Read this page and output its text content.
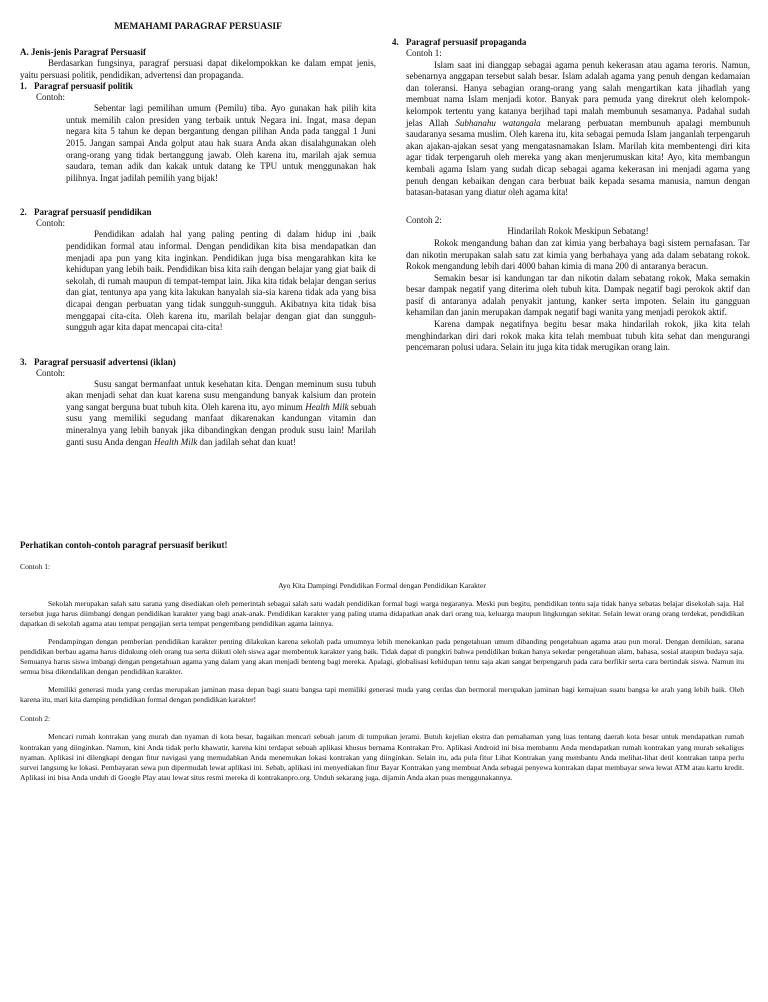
MEMAHAMI PARAGRAF PERSUASIF

A. Jenis-jenis Paragraf Persuasif

Berdasarkan fungsinya, paragraf persuasi dapat dikelompokkan ke dalam empat jenis, yaitu persuasi politik, pendidikan, advertensi dan propaganda.

1. Paragraf persuasif politik

Contoh:

Sebentar lagi pemilihan umum (Pemilu) tiba. Ayo gunakan hak pilih kita untuk memilih calon presiden yang terbaik untuk Negara ini. Ingat, masa depan negara kita 5 tahun ke depan bergantung dengan pilihan Anda pada tanggal 1 Juni 2015. Jangan sampai Anda golput atau hak suara Anda akan disalahgunakan oleh orang-orang yang tidak bertanggung jawab. Oleh karena itu, marilah ajak semua saudara, teman adik dan kakak untuk datang ke TPU untuk menggunakan hak pilihnya. Ingat jadilah pemilih yang bijak!

2. Paragraf persuasif pendidikan

Contoh:

Pendidikan adalah hal yang paling penting di dalam hidup ini ,baik pendidikan formal atau informal. Dengan pendidikan kita bisa mendapatkan dan menjadi apa pun yang kita inginkan. Pendidikan juga bisa mengarahkan kita ke kehidupan yang lebih baik. Pendidikan bisa kita raih dengan belajar yang giat baik di sekolah, di rumah maupun di tempat-tempat lain. Jika kita tidak belajar dengan serius dan giat, tentunya apa yang kita lakukan hanyalah sia-sia karena tidak ada yang bisa dicapai dengan perbuatan yang tidak sungguh-sungguh. Akibatnya kita tidak bisa menggapai cita-cita. Oleh karena itu, marilah belajar dengan giat dan sungguh-sungguh agar kita dapat mencapai cita-cita!

3. Paragraf persuasif advertensi (iklan)

Contoh:

Susu sangat bermanfaat untuk kesehatan kita. Dengan meminum susu tubuh akan menjadi sehat dan kuat karena susu mengandung banyak kalsium dan protein yang sangat berguna buat tubuh kita. Oleh karena itu, ayo minum Health Milk sebuah susu yang memiliki segudang manfaat dikarenakan kandungan vitamin dan mineralnya yang lebih banyak jika dibandingkan dengan produk susu lain! Marilah ganti susu Anda dengan Health Milk dan jadilah sehat dan kuat!

4. Paragraf persuasif propaganda

Contoh 1:

Islam saat ini dianggap sebagai agama penuh kekerasan atau agama teroris. Namun, sebenarnya anggapan tersebut salah besar. Islam adalah agama yang penuh dengan kedamaian dan toleransi. Hanya sebagian orang-orang yang salah mengartikan kata jihadlah yang membuat nama Islam menjadi kotor. Banyak para pemuda yang direkrut oleh kelompok-kelompok tertentu yang katanya berjihad tapi malah membunuh sesamanya. Padahal sudah jelas Allah Subhanahu watangala melarang perbuatan membunuh apalagi membunuh saudaranya sesama muslim. Oleh karena itu, kita sebagai pemuda Islam janganlah terpengaruh akan ajakan-ajakan sesat yang mengatasnamakan Islam. Marilah kita membentengi diri kita agar tidak terpengaruh oleh mereka yang akan menjerumuskan kita! Ayo, kita membangun kembali agama Islam yang sudah dicap sebagai agama kekerasan ini menjadi agama yang penuh dengan kebaikan dengan cara berbuat baik kepada sesama manusia, namun dengan batasan-batasan yang diatur oleh agama kita!

Contoh 2:

Hindarilah Rokok Meskipun Sebatang!

Rokok mengandung bahan dan zat kimia yang berbahaya bagi sistem pernafasan. Tar dan nikotin merupakan salah satu zat kimia yang berbahaya yang ada dalam sebatang rokok. Rokok mengandung lebih dari 4000 bahan kimia di mana 200 di antaranya beracun.

Semakin besar isi kandungan tar dan nikotin dalam sebatang rokok, Maka semakin besar dampak negatif yang diterima oleh tubuh kita. Dampak negatif bagi perokok aktif dan pasif di antaranya adalah penyakit jantung, kanker serta impoten. Selain itu gangguan kehamilan dan janin merupakan dampak negatif bagi wanita yang menjadi perokok aktif.

Karena dampak negatifnya begitu besar maka hindarilah rokok, jika kita telah menghindarkan diri dari rokok maka kita telah membuat tubuh kita sehat dan mengurangi pencemaran polusi udara. Selain itu juga kita tidak merugikan orang lain.

Perhatikan contoh-contoh paragraf persuasif berikut!

Contoh 1:

Ayo Kita Dampingi Pendidikan Formal dengan Pendidikan Karakter

Sekolah merupakan salah satu sarana yang disediakan oleh pemerintah sebagai salah satu wadah pendidikan formal bagi warga negaranya. Meski pun begitu, pendidikan tentu saja tidak hanya sebatas belajar disekolah saja. Hal tersebut juga harus diimbangi dengan pendidikan karakter yang bagi anak-anak. Pendidikan karakter yang paling utama didapatkan anak dari orang tua, keluarga maupun lingkungan sekitar. Selain lewat orang orang terdekat, pendidikan dapatkan di sekolah agama atau tempat pengajian serta tempat pengembang pendidikan agama lainnya.

Pendampingan dengan pemberian pendidikan karakter penting dilakukan karena sekolah pada umumnya lebih menekankan pada pengetahuan umum dibanding pengetahuan agama atau pun moral. Dengan demikian, sarana pendidikan berbau agama harus didukung oleh orang tua serta diikuti oleh siswa agar membentuk karakter yang baik. Tidak dapat di pungkiri bahwa pendidikan bukan hanya sekedar pengetahuan alam, bahasa, sosial ataupun budaya saja. Semuanya harus siswa imbangi dengan pengetahuan agama yang dalam yang akan menjadi benteng bagi mereka. Apalagi, globalisasi kehidupan tentu saja akan sangat berpengaruh pada cara berfikir serta cara bertindak siswa. Namun itu semua bisa dikendalikan dengan pendidikan karakter.

Memiliki generasi muda yang cerdas merupakan jaminan masa depan bagi suatu bangsa tapi memiliki generasi muda yang cerdas dan bermoral merupakan jaminan bagi kemajuan suatu bangsa ke arah yang lebih baik. Oleh karena itu, mari kita damping pendidikan formal dengan pendidikan karakter!

Contoh 2:

Mencari rumah kontrakan yang murah dan nyaman di kota besar, bagaikan mencari sebuah jarum di tumpukan jerami. Butuh kejelian ekstra dan pemahaman yang luas tentang daerah kota besar untuk mendapatkan rumah kontrakan yang diinginkan. Namun, kini Anda tidak perlu khawatir, karena kini terdapat sebuah aplikasi khusus bernama Kontrakan Pro. Aplikasi Android ini bisa membantu Anda mendapatkan rumah kontrakan yang murah sekaligus nyaman. Aplikasi ini dilengkapi dengan fitur navigasi yang memudahkan Anda menemukan lokasi kontrakan yang diinginkan. Selain itu, ada pula fitur Lihat Kontrakan yang membantu Anda melihat-lihat detil kontrakan tanpa perlu survei langsung ke lokasi. Pembayaran sewa pun dipermudah lewat aplikasi ini. Sebab, aplikasi ini menyediakan fitur Bayar Kontrakan yang membuat Anda sebagai penyewa kontrakan dapat membayar sewa lewat ATM atau kartu kredit. Aplikasi ini bisa Anda unduh di Google Play atau lewat situs resmi mereka di kontrakanpro.org. Unduh sekarang juga, dijamin Anda akan puas menggunakannya.
